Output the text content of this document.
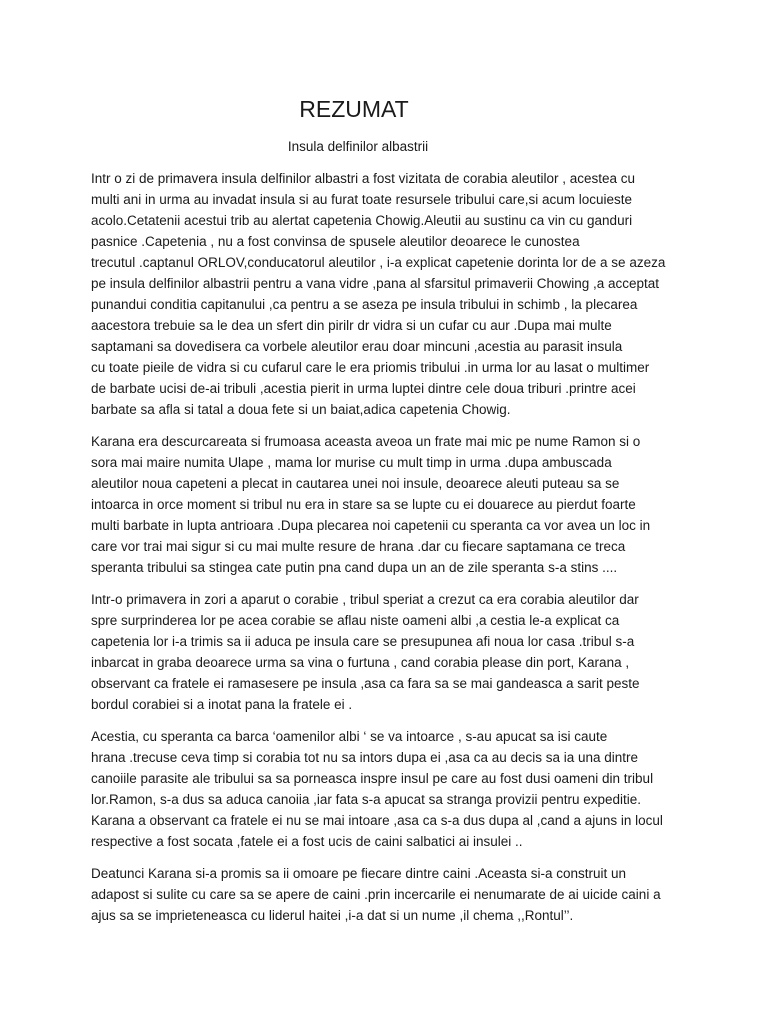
REZUMAT
Insula delfinilor albastrii

Intr o zi de primavera insula delfinilor albastri a fost vizitata de corabia aleutilor , acestea cu
multi ani in urma au invadat insula si au furat toate resursele tribului care,si acum locuieste
acolo.Cetatenii acestui trib au alertat capetenia Chowig.Aleutii au sustinu ca vin cu ganduri
pasnice .Capetenia , nu a fost convinsa de spusele aleutilor deoarece le cunostea
trecutul .captanul ORLOV,conducatorul aleutilor , i-a explicat capetenie dorinta lor de a se azeza
pe insula delfinilor albastrii pentru a vana vidre ,pana al sfarsitul primaverii Chowing ,a acceptat
punandui conditia capitanului ,ca pentru a se aseza pe insula tribului in schimb , la plecarea
aacestora trebuie sa le dea un sfert din pirilr dr vidra si un cufar cu aur .Dupa mai multe
saptamani sa dovedisera ca vorbele aleutilor erau doar mincuni ,acestia au parasit insula
cu toate pieile de vidra si cu cufarul care le era priomis tribului .in urma lor au lasat o multimer
de barbate ucisi de-ai tribuli ,acestia pierit in urma luptei dintre cele doua triburi .printre acei
barbate sa afla si tatal a doua fete si un baiat,adica capetenia Chowig.

Karana era descurcareata si frumoasa aceasta aveoa un frate mai mic pe nume Ramon si o
sora mai maire numita Ulape , mama lor murise cu mult timp in urma .dupa ambuscada
aleutilor noua capeteni a plecat in cautarea unei noi insule, deoarece aleuti puteau sa se
intoarca in orce moment si tribul nu era in stare sa se lupte cu ei douarece au pierdut foarte
multi barbate in lupta antrioara .Dupa plecarea noi capetenii cu speranta ca vor avea un loc in
care vor trai mai sigur si cu mai multe resure de hrana .dar cu fiecare saptamana ce treca
speranta tribului sa stingea cate putin pna cand dupa un an de zile speranta s-a stins ....

Intr-o primavera in zori a aparut o corabie , tribul speriat a crezut ca era corabia aleutilor dar
spre surprinderea lor pe acea corabie se aflau niste oameni albi ,a cestia le-a explicat ca
capetenia lor i-a trimis sa ii aduca pe insula care se presupunea afi noua lor casa .tribul s-a
inbarcat in graba deoarece urma sa vina o furtuna , cand corabia please din port, Karana ,
observant ca fratele ei ramasesere pe insula ,asa ca fara sa se mai gandeasca a sarit peste
bordul corabiei si a inotat pana la fratele ei .

Acestia, cu speranta ca barca ‘oamenilor albi ‘ se va intoarce , s-au apucat sa isi caute
hrana .trecuse ceva timp si corabia tot nu sa intors dupa ei ,asa ca au decis sa ia una dintre
canoiile parasite ale tribului sa sa porneasca inspre insul pe care au fost dusi oameni din tribul
lor.Ramon, s-a dus sa aduca canoiia ,iar fata s-a apucat sa stranga provizii pentru expeditie.
Karana a observant ca fratele ei nu se mai intoare ,asa ca s-a dus dupa al ,cand a ajuns in locul
respective a fost socata ,fatele ei a fost ucis de caini salbatici ai insulei ..

Deatunci Karana si-a promis sa ii omoare pe fiecare dintre caini .Aceasta si-a construit un
adapost si sulite cu care sa se apere de caini .prin incercarile ei nenumarate de ai uicide caini a
ajus sa se imprieteneasca cu liderul haitei ,i-a dat si un nume ,il chema ,,Rontul’’.
